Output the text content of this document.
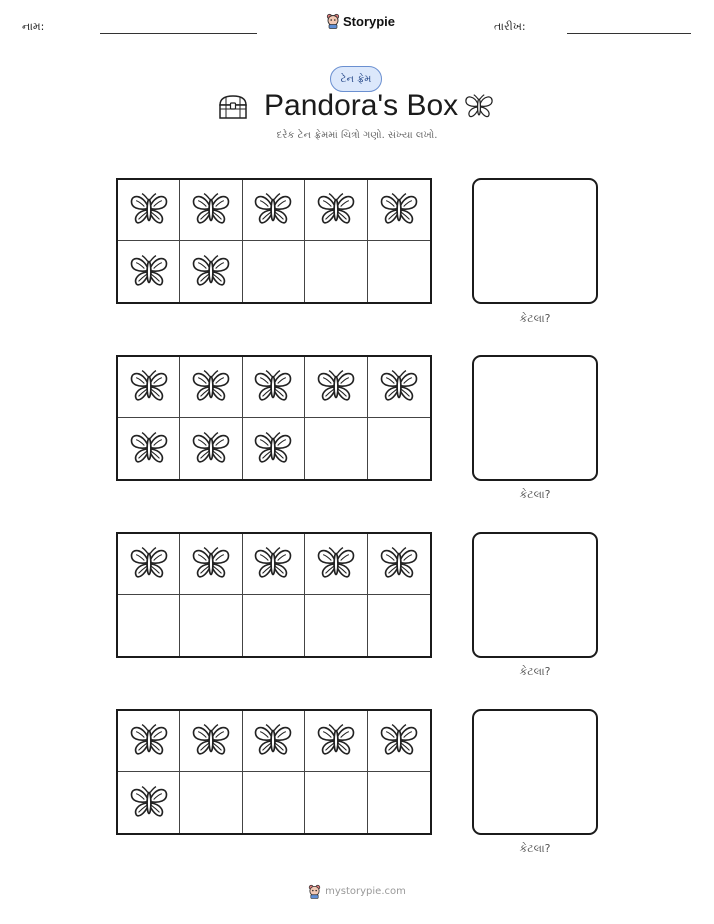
નામ:	Storypie	તારીખ:
ટેન ફ્રેમ
Pandora's Box
દરેક ટેન ફ્રેમમાં ચિત્રો ગણો. સંખ્યા લખો.
કેટલા?
કેટલા?
કેટલા?
કેટલા?
mystorypie.com
